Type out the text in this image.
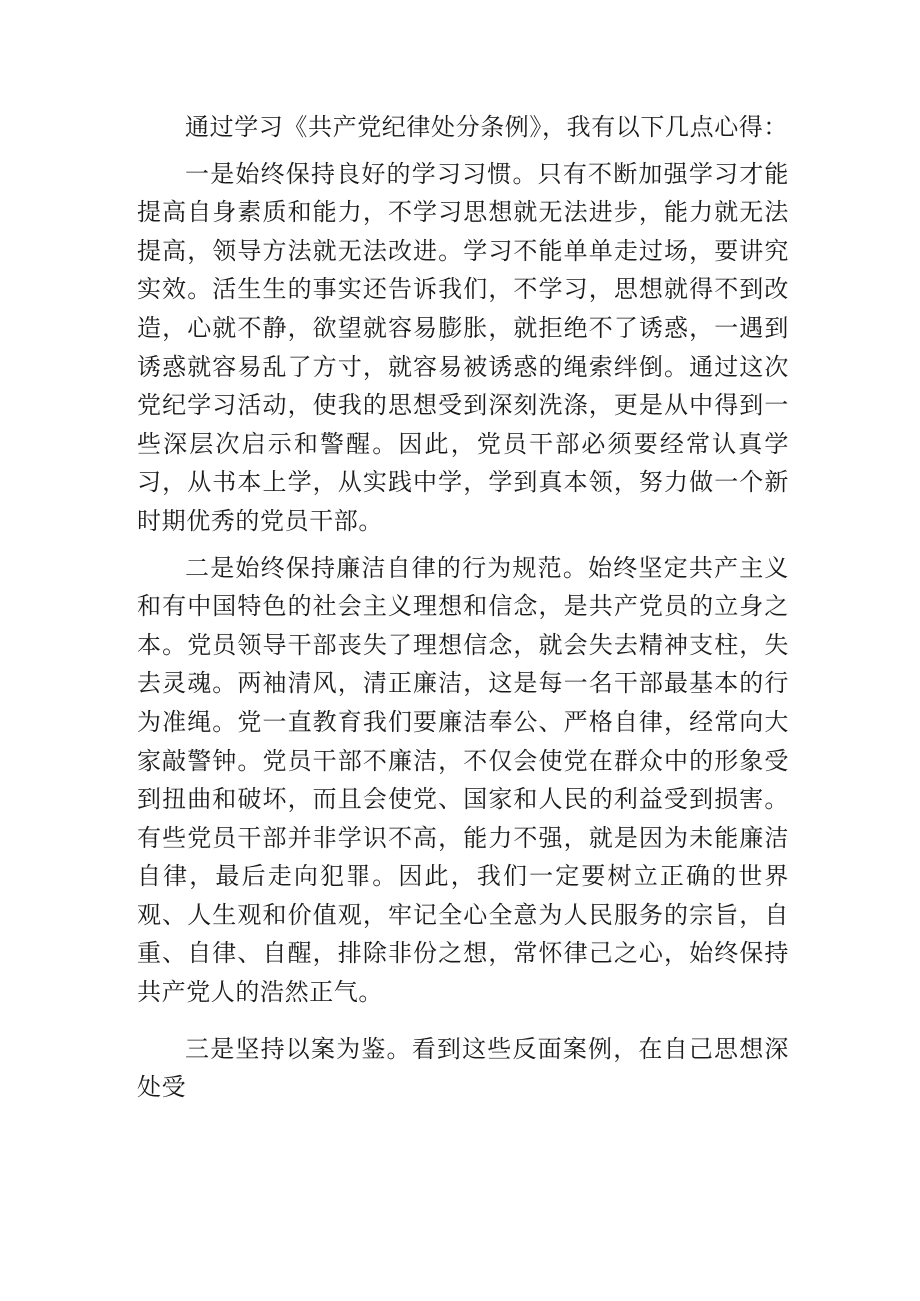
通过学习《共产党纪律处分条例》，我有以下几点心得：

一是始终保持良好的学习习惯。只有不断加强学习才能提高自身素质和能力，不学习思想就无法进步，能力就无法提高，领导方法就无法改进。学习不能单单走过场，要讲究实效。活生生的事实还告诉我们，不学习，思想就得不到改造，心就不静，欲望就容易膨胀，就拒绝不了诱惑，一遇到诱惑就容易乱了方寸，就容易被诱惑的绳索绊倒。通过这次党纪学习活动，使我的思想受到深刻洗涤，更是从中得到一些深层次启示和警醒。因此，党员干部必须要经常认真学习，从书本上学，从实践中学，学到真本领，努力做一个新时期优秀的党员干部。

二是始终保持廉洁自律的行为规范。始终坚定共产主义和有中国特色的社会主义理想和信念，是共产党员的立身之本。党员领导干部丧失了理想信念，就会失去精神支柱，失去灵魂。两袖清风，清正廉洁，这是每一名干部最基本的行为准绳。党一直教育我们要廉洁奉公、严格自律，经常向大家敲警钟。党员干部不廉洁，不仅会使党在群众中的形象受到扭曲和破坏，而且会使党、国家和人民的利益受到损害。有些党员干部并非学识不高，能力不强，就是因为未能廉洁自律，最后走向犯罪。因此，我们一定要树立正确的世界观、人生观和价值观，牢记全心全意为人民服务的宗旨，自重、自律、自醒，排除非份之想，常怀律己之心，始终保持共产党人的浩然正气。

三是坚持以案为鉴。看到这些反面案例，在自己思想深处受
